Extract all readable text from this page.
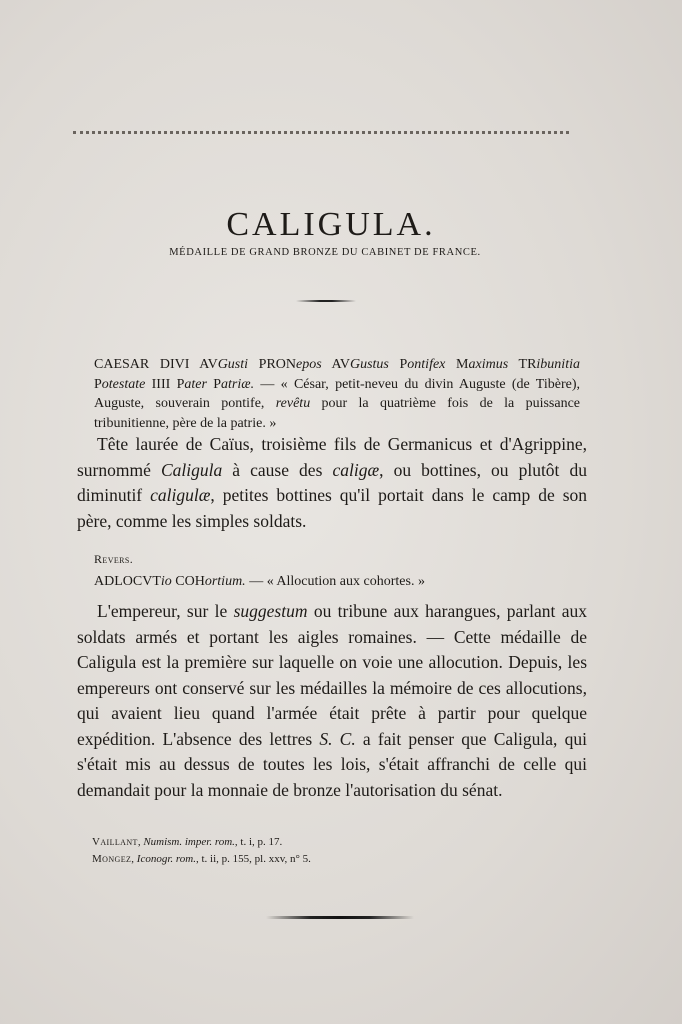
CALIGULA.
MÉDAILLE DE GRAND BRONZE DU CABINET DE FRANCE.

CAESAR DIVI AVGusti PRONepos AVGustus Pontifex Maximus TRibunitia Potestate IIII Pater Patriæ. — « César, petit-neveu du divin Auguste (de Tibère), Auguste, souverain pontife, revêtu pour la quatrième fois de la puissance tribunitienne, père de la patrie. »

Tête laurée de Caïus, troisième fils de Germanicus et d'Agrippine, surnommé Caligula à cause des caligæ, ou bottines, ou plutôt du diminutif caligulæ, petites bottines qu'il portait dans le camp de son père, comme les simples soldats.

Revers.
ADLOCVTio COHortium. — « Allocution aux cohortes. »

L'empereur, sur le suggestum ou tribune aux harangues, parlant aux soldats armés et portant les aigles romaines. — Cette médaille de Caligula est la première sur laquelle on voie une allocution. Depuis, les empereurs ont conservé sur les médailles la mémoire de ces allocutions, qui avaient lieu quand l'armée était prête à partir pour quelque expédition. L'absence des lettres S. C. a fait penser que Caligula, qui s'était mis au dessus de toutes les lois, s'était affranchi de celle qui demandait pour la monnaie de bronze l'autorisation du sénat.

Vaillant, Numism. imper. rom., t. i, p. 17.
Mongez, Iconogr. rom., t. ii, p. 155, pl. xxv, n° 5.
